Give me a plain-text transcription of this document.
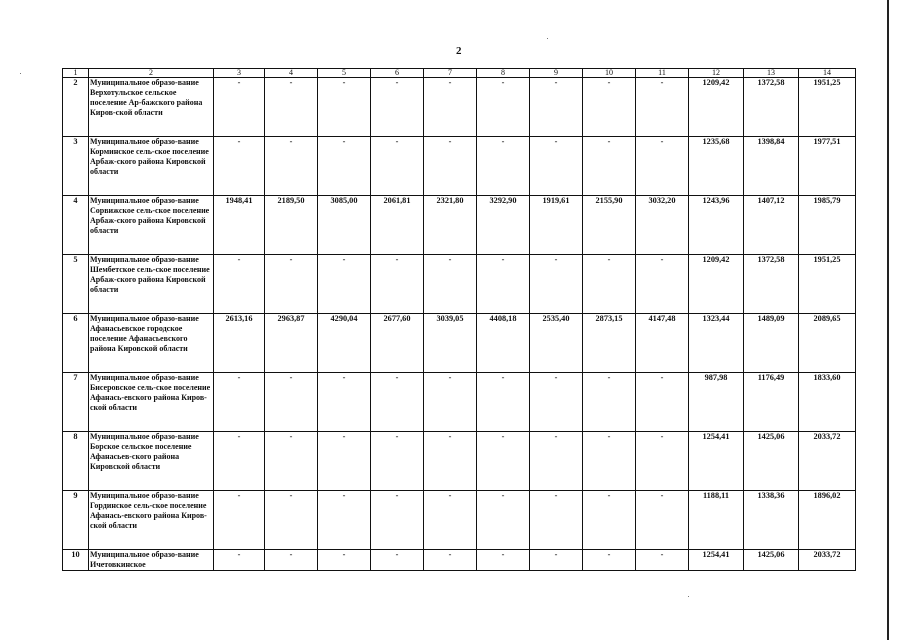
2
1	2	3	4	5	6	7	8	9	10	11	12	13	14
2	Муниципальное образо-вание Верхотульское сельское поселение Ар-бажского района Киров-ской области	-	-	-	-	-	-	-	-	-	1209,42	1372,58	1951,25
3	Муниципальное образо-вание Корминское сель-ское поселение Арбаж-ского района Кировской области	-	-	-	-	-	-	-	-	-	1235,68	1398,84	1977,51
4	Муниципальное образо-вание Сорвижское сель-ское поселение Арбаж-ского района Кировской области	1948,41	2189,50	3085,00	2061,81	2321,80	3292,90	1919,61	2155,90	3032,20	1243,96	1407,12	1985,79
5	Муниципальное образо-вание Шембетское сель-ское поселение Арбаж-ского района Кировской области	-	-	-	-	-	-	-	-	-	1209,42	1372,58	1951,25
6	Муниципальное образо-вание Афанасьевское городское поселение Афанасьевского района Кировской области	2613,16	2963,87	4290,04	2677,60	3039,05	4408,18	2535,40	2873,15	4147,48	1323,44	1489,09	2089,65
7	Муниципальное образо-вание Бисеровское сель-ское поселение Афанась-евского района Киров-ской области	-	-	-	-	-	-	-	-	-	987,98	1176,49	1833,60
8	Муниципальное образо-вание Борское сельское поселение Афанасьев-ского района Кировской области	-	-	-	-	-	-	-	-	-	1254,41	1425,06	2033,72
9	Муниципальное образо-вание Гординское сель-ское поселение Афанась-евского района Киров-ской области	-	-	-	-	-	-	-	-	-	1188,11	1338,36	1896,02
10	Муниципальное образо-вание Ичетовкинское	-	-	-	-	-	-	-	-	-	1254,41	1425,06	2033,72
